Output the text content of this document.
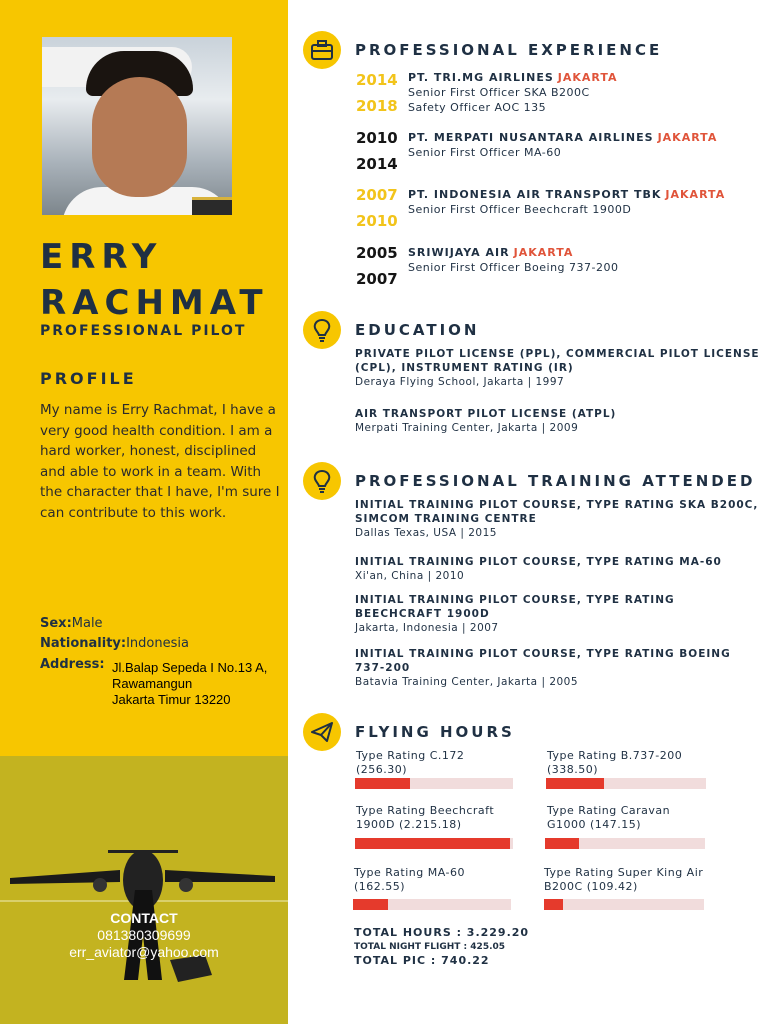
ERRY
RACHMAT
PROFESSIONAL PILOT
PROFILE
My name is Erry Rachmat, I have a very good health condition. I am a hard worker, honest, disciplined and able to work in a team. With the character that I have, I'm sure I can contribute to this work.
Sex:Male
Nationality:Indonesia
Address: Jl.Balap Sepeda I No.13 A,
Rawamangun
Jakarta Timur 13220
CONTACT
081380309699
err_aviator@yahoo.com
PROFESSIONAL EXPERIENCE
2014
2018
PT. TRI.MG AIRLINES JAKARTA
Senior First Officer SKA B200C
Safety Officer AOC 135
2010
2014
PT. MERPATI NUSANTARA AIRLINES JAKARTA
Senior First Officer MA-60
2007
2010
PT. INDONESIA AIR TRANSPORT TBK JAKARTA
Senior First Officer Beechcraft 1900D
2005
2007
SRIWIJAYA AIR JAKARTA
Senior First Officer Boeing 737-200
EDUCATION
PRIVATE PILOT LICENSE (PPL), COMMERCIAL PILOT LICENSE (CPL), INSTRUMENT RATING (IR)
Deraya Flying School, Jakarta | 1997
AIR TRANSPORT PILOT LICENSE (ATPL)
Merpati Training Center, Jakarta | 2009
PROFESSIONAL TRAINING ATTENDED
INITIAL TRAINING PILOT COURSE, TYPE RATING SKA B200C, SIMCOM TRAINING CENTRE
Dallas Texas, USA | 2015
INITIAL TRAINING PILOT COURSE, TYPE RATING MA-60
Xi'an, China | 2010
INITIAL TRAINING PILOT COURSE, TYPE RATING BEECHCRAFT 1900D
Jakarta, Indonesia | 2007
INITIAL TRAINING PILOT COURSE, TYPE RATING BOEING 737-200
Batavia Training Center, Jakarta | 2005
FLYING HOURS
Type Rating C.172
(256.30)
Type Rating B.737-200
(338.50)
Type Rating Beechcraft
1900D (2.215.18)
Type Rating Caravan
G1000 (147.15)
Type Rating MA-60
(162.55)
Type Rating Super King Air
B200C (109.42)
TOTAL HOURS : 3.229.20
TOTAL NIGHT FLIGHT : 425.05
TOTAL PIC : 740.22
